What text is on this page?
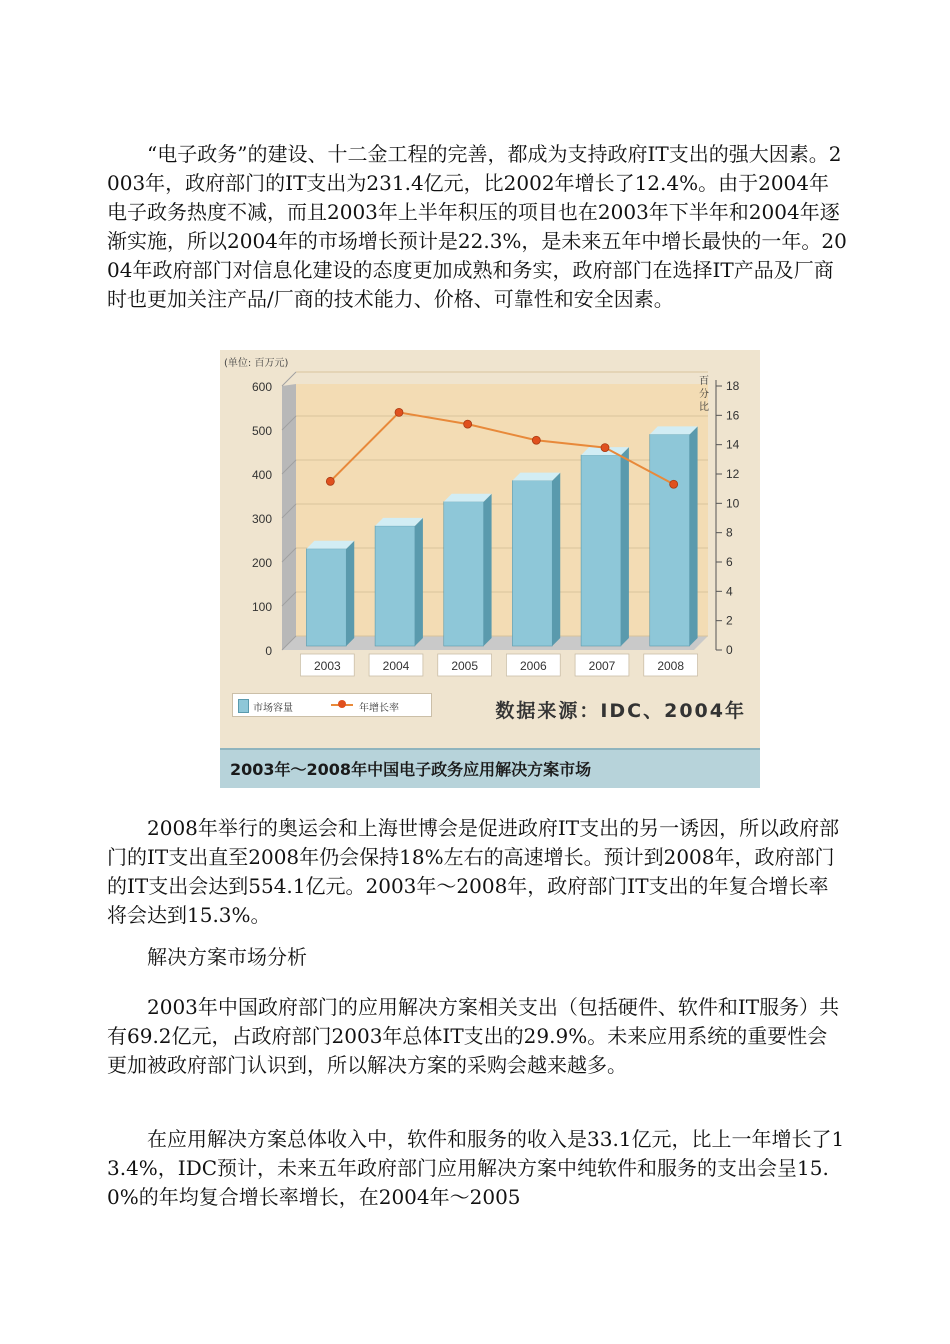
“电子政务”的建设、十二金工程的完善，都成为支持政府IT支出的强大因素。2003年，政府部门的IT支出为231.4亿元，比2002年增长了12.4%。由于2004年电子政务热度不减，而且2003年上半年积压的项目也在2003年下半年和2004年逐渐实施，所以2004年的市场增长预计是22.3%，是未来五年中增长最快的一年。2004年政府部门对信息化建设的态度更加成熟和务实，政府部门在选择IT产品及厂商时也更加关注产品/厂商的技术能力、价格、可靠性和安全因素。

0
100
200
300
400
500
600
0
2
4
6
8
10
12
14
16
18
百
分
比
(单位: 百万元)
2003	2004	2005	2006	2007	2008
市场容量	年增长率	数据来源：IDC、2004年
2003年～2008年中国电子政务应用解决方案市场

2008年举行的奥运会和上海世博会是促进政府IT支出的另一诱因，所以政府部门的IT支出直至2008年仍会保持18%左右的高速增长。预计到2008年，政府部门的IT支出会达到554.1亿元。2003年～2008年，政府部门IT支出的年复合增长率将会达到15.3%。

解决方案市场分析

2003年中国政府部门的应用解决方案相关支出（包括硬件、软件和IT服务）共有69.2亿元，占政府部门2003年总体IT支出的29.9%。未来应用系统的重要性会更加被政府部门认识到，所以解决方案的采购会越来越多。

在应用解决方案总体收入中，软件和服务的收入是33.1亿元，比上一年增长了13.4%，IDC预计，未来五年政府部门应用解决方案中纯软件和服务的支出会呈15.0%的年均复合增长率增长，在2004年～2005
